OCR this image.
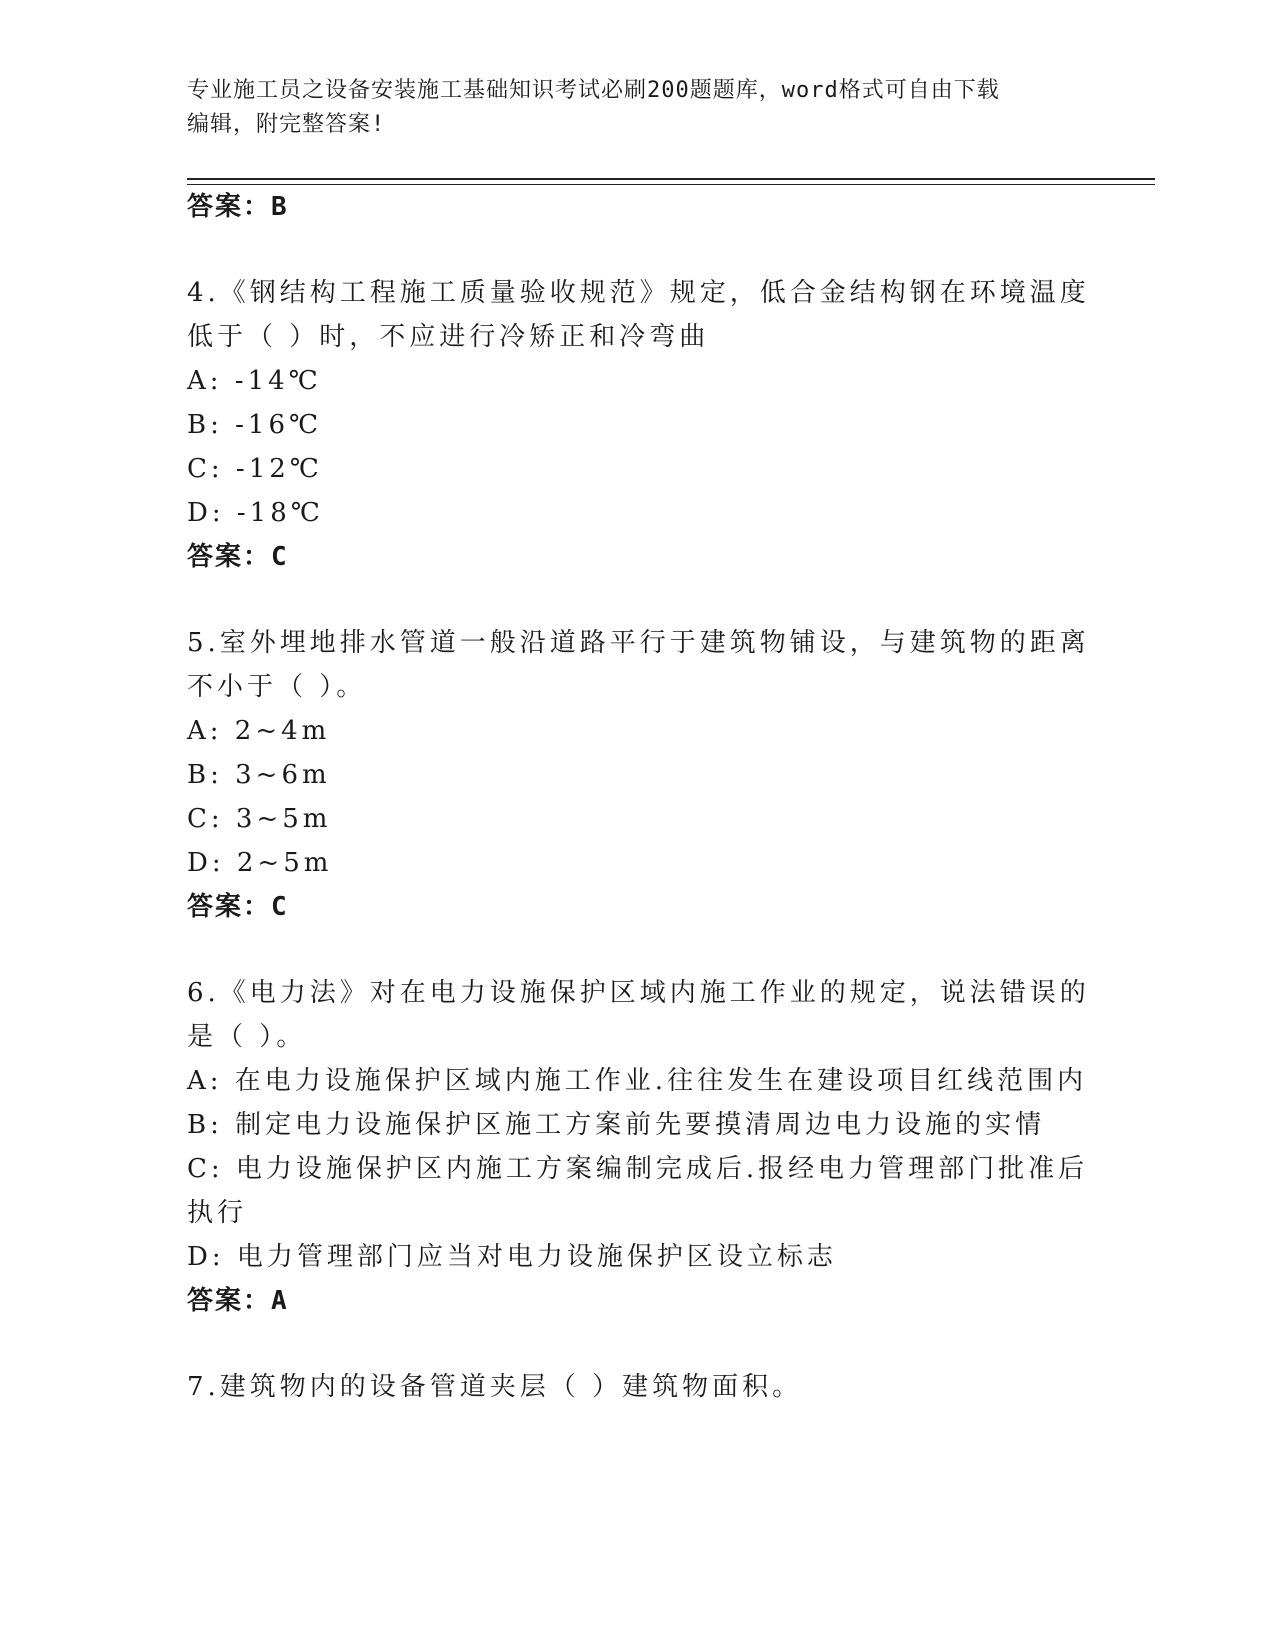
专业施工员之设备安装施工基础知识考试必刷200题题库，word格式可自由下载
编辑，附完整答案!
答案：B
4.《钢结构工程施工质量验收规范》规定，低合金结构钢在环境温度
低于（ ）时，不应进行冷矫正和冷弯曲
A: -14℃
B: -16℃
C: -12℃
D: -18℃
答案：C
5.室外埋地排水管道一般沿道路平行于建筑物铺设，与建筑物的距离
不小于（ ）。
A: 2~4m
B: 3~6m
C: 3~5m
D: 2~5m
答案：C
6.《电力法》对在电力设施保护区域内施工作业的规定，说法错误的
是（ ）。
A: 在电力设施保护区域内施工作业.往往发生在建设项目红线范围内
B: 制定电力设施保护区施工方案前先要摸清周边电力设施的实情
C: 电力设施保护区内施工方案编制完成后.报经电力管理部门批准后
执行
D: 电力管理部门应当对电力设施保护区设立标志
答案：A
7.建筑物内的设备管道夹层（ ）建筑物面积。
